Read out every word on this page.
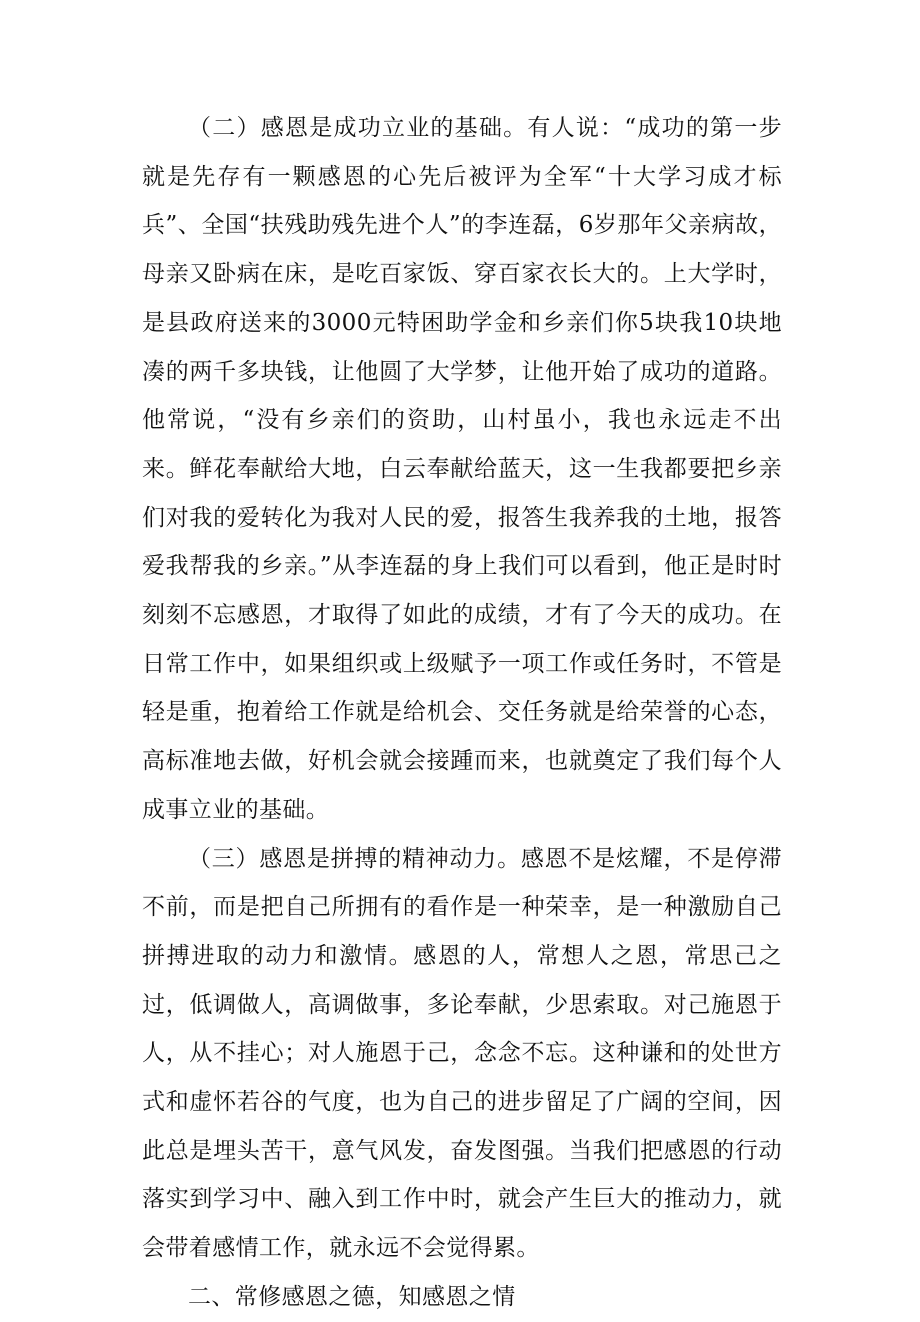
（二）感恩是成功立业的基础。有人说：“成功的第一步就是先存有一颗感恩的心先后被评为全军“十大学习成才标兵”、全国“扶残助残先进个人”的李连磊，6岁那年父亲病故，母亲又卧病在床，是吃百家饭、穿百家衣长大的。上大学时，是县政府送来的3000元特困助学金和乡亲们你5块我10块地凑的两千多块钱，让他圆了大学梦，让他开始了成功的道路。他常说，“没有乡亲们的资助，山村虽小，我也永远走不出来。鲜花奉献给大地，白云奉献给蓝天，这一生我都要把乡亲们对我的爱转化为我对人民的爱，报答生我养我的土地，报答爱我帮我的乡亲。”从李连磊的身上我们可以看到，他正是时时刻刻不忘感恩，才取得了如此的成绩，才有了今天的成功。在日常工作中，如果组织或上级赋予一项工作或任务时，不管是轻是重，抱着给工作就是给机会、交任务就是给荣誉的心态，高标准地去做，好机会就会接踵而来，也就奠定了我们每个人成事立业的基础。

（三）感恩是拼搏的精神动力。感恩不是炫耀，不是停滞不前，而是把自己所拥有的看作是一种荣幸，是一种激励自己拼搏进取的动力和激情。感恩的人，常想人之恩，常思己之过，低调做人，高调做事，多论奉献，少思索取。对己施恩于人，从不挂心；对人施恩于己，念念不忘。这种谦和的处世方式和虚怀若谷的气度，也为自己的进步留足了广阔的空间，因此总是埋头苦干，意气风发，奋发图强。当我们把感恩的行动落实到学习中、融入到工作中时，就会产生巨大的推动力，就会带着感情工作，就永远不会觉得累。

二、常修感恩之德，知感恩之情
